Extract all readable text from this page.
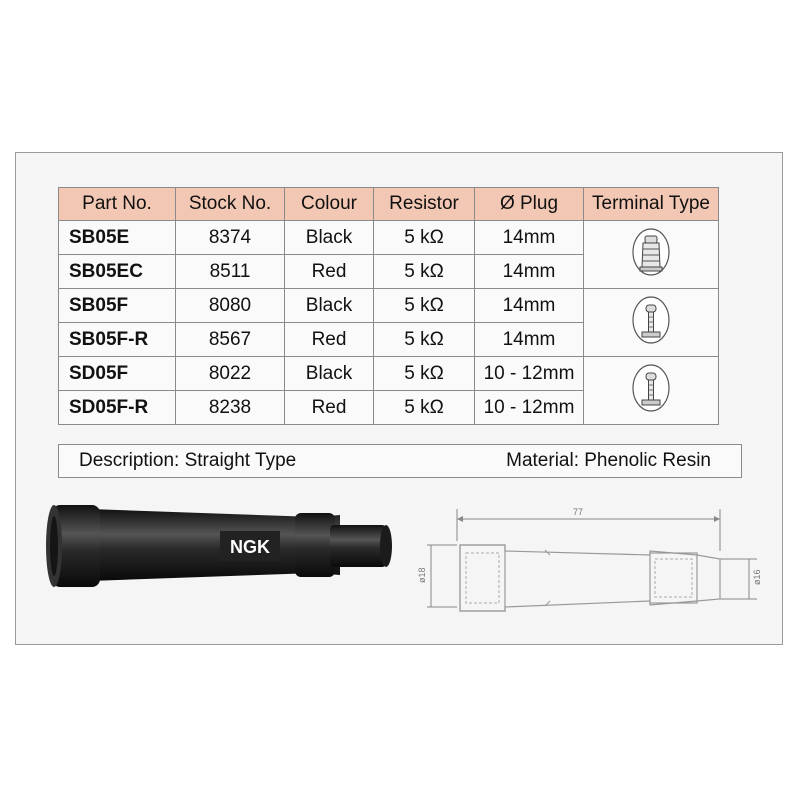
Part No.	Stock No.	Colour	Resistor	Ø Plug	Terminal Type
SB05E	8374	Black	5 kΩ	14mm	
SB05EC	8511	Red	5 kΩ	14mm	
SB05F	8080	Black	5 kΩ	14mm	
SB05F-R	8567	Red	5 kΩ	14mm	
SD05F	8022	Black	5 kΩ	10 - 12mm	
SD05F-R	8238	Red	5 kΩ	10 - 12mm	
Description: Straight Type	Material: Phenolic Resin
NGK
77
ø18	ø16
